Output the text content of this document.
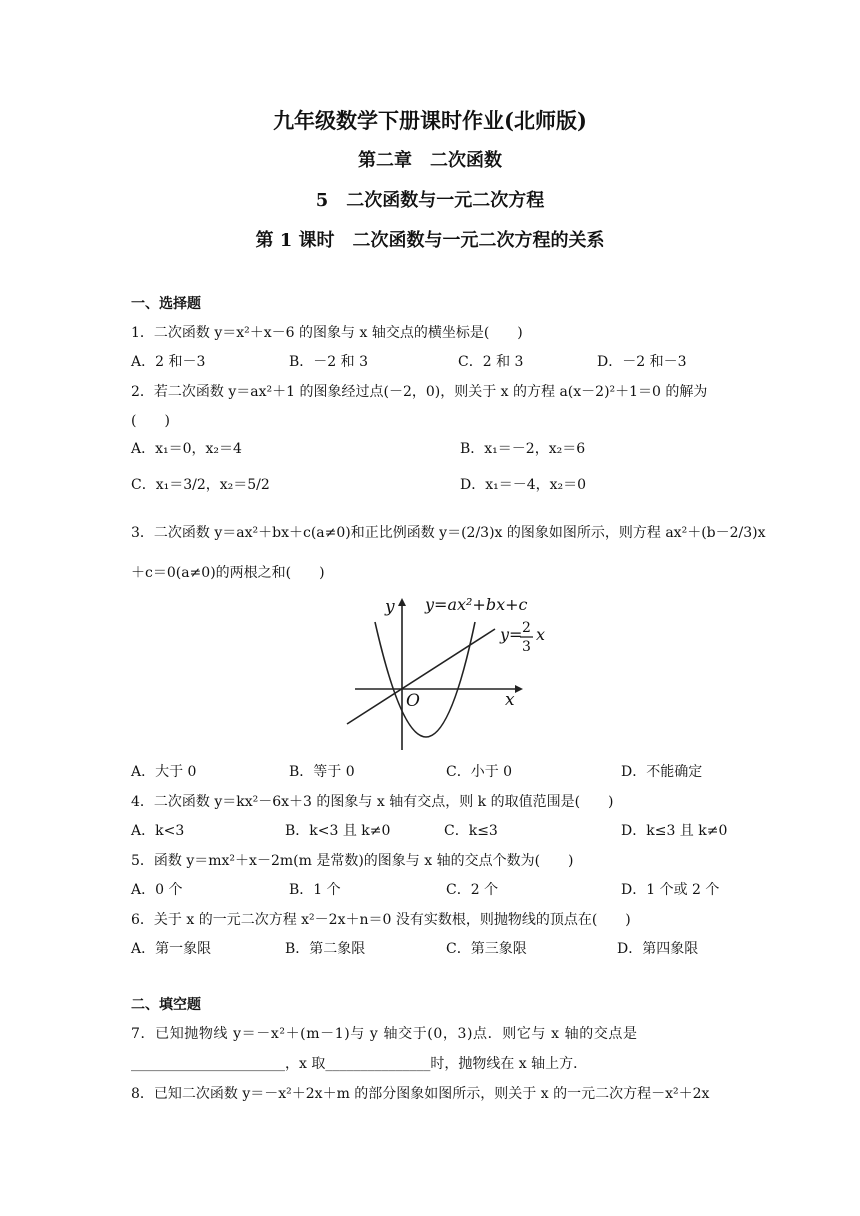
九年级数学下册课时作业(北师版)
第二章　二次函数
5　二次函数与一元二次方程
第 1 课时　二次函数与一元二次方程的关系
一、选择题
1．二次函数 y＝x²＋x－6 的图象与 x 轴交点的横坐标是(　　)
A．2 和－3	B．－2 和 3	C．2 和 3	D．－2 和－3
2．若二次函数 y＝ax²＋1 的图象经过点(－2，0)，则关于 x 的方程 a(x－2)²＋1＝0 的解为
(　　)
A．x₁＝0，x₂＝4	B．x₁＝－2，x₂＝6
C．x₁＝3/2，x₂＝5/2	D．x₁＝－4，x₂＝0
3．二次函数 y＝ax²＋bx＋c(a≠0)和正比例函数 y＝(2/3)x 的图象如图所示，则方程 ax²＋(b－2/3)x
＋c＝0(a≠0)的两根之和(　　)
y
x
O
y=ax²+bx+c
y= 2
3
x
A．大于 0	B．等于 0	C．小于 0	D．不能确定
4．二次函数 y＝kx²－6x＋3 的图象与 x 轴有交点，则 k 的取值范围是(　　)
A．k<3	B．k<3 且 k≠0	C．k≤3	D．k≤3 且 k≠0
5．函数 y＝mx²＋x－2m(m 是常数)的图象与 x 轴的交点个数为(　　)
A．0 个	B．1 个	C．2 个	D．1 个或 2 个
6．关于 x 的一元二次方程 x²－2x＋n＝0 没有实数根，则抛物线的顶点在(　　)
A．第一象限	B．第二象限	C．第三象限	D．第四象限
二、填空题
7．已知抛物线 y＝－x²＋(m－1)与 y 轴交于(0，3)点．则它与 x 轴的交点是
______________________，x 取_______________时，抛物线在 x 轴上方．
8．已知二次函数 y＝－x²＋2x＋m 的部分图象如图所示，则关于 x 的一元二次方程－x²＋2x
